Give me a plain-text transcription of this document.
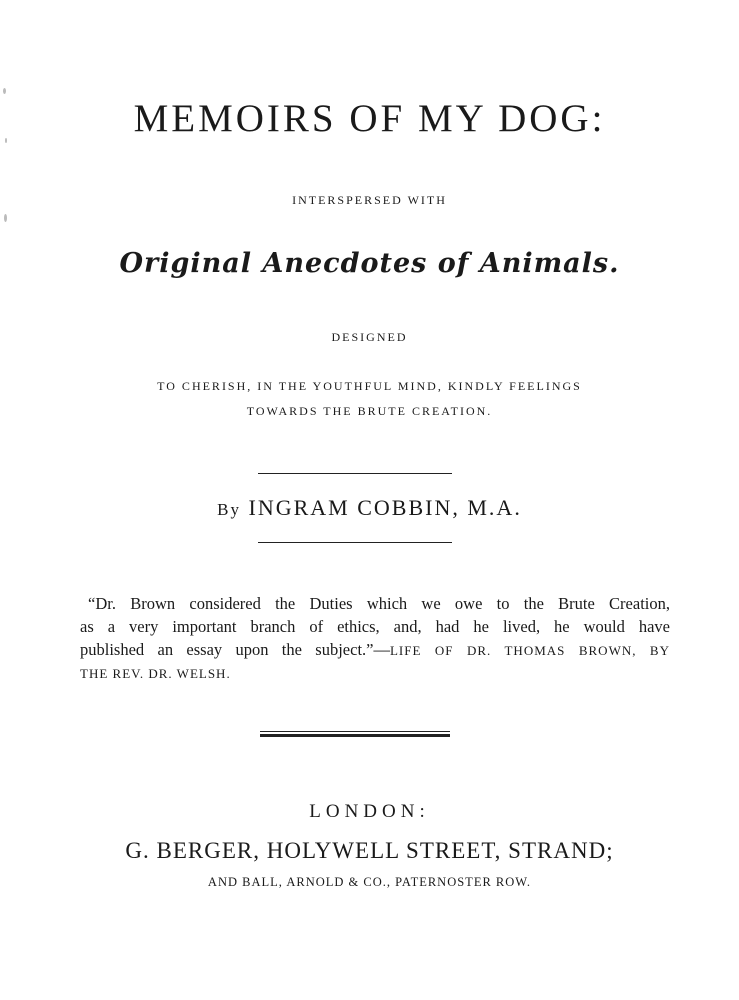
MEMOIRS OF MY DOG:
INTERSPERSED WITH
Original Anecdotes of Animals.
DESIGNED
TO CHERISH, IN THE YOUTHFUL MIND, KINDLY FEELINGS
TOWARDS THE BRUTE CREATION.
By INGRAM COBBIN, M.A.
“Dr. Brown considered the Duties which we owe to the Brute Creation,
as a very important branch of ethics, and, had he lived, he would have
published an essay upon the subject.”—LIFE OF DR. THOMAS BROWN, BY
THE REV. DR. WELSH.
LONDON:
G. BERGER, HOLYWELL STREET, STRAND;
AND BALL, ARNOLD & CO., PATERNOSTER ROW.
